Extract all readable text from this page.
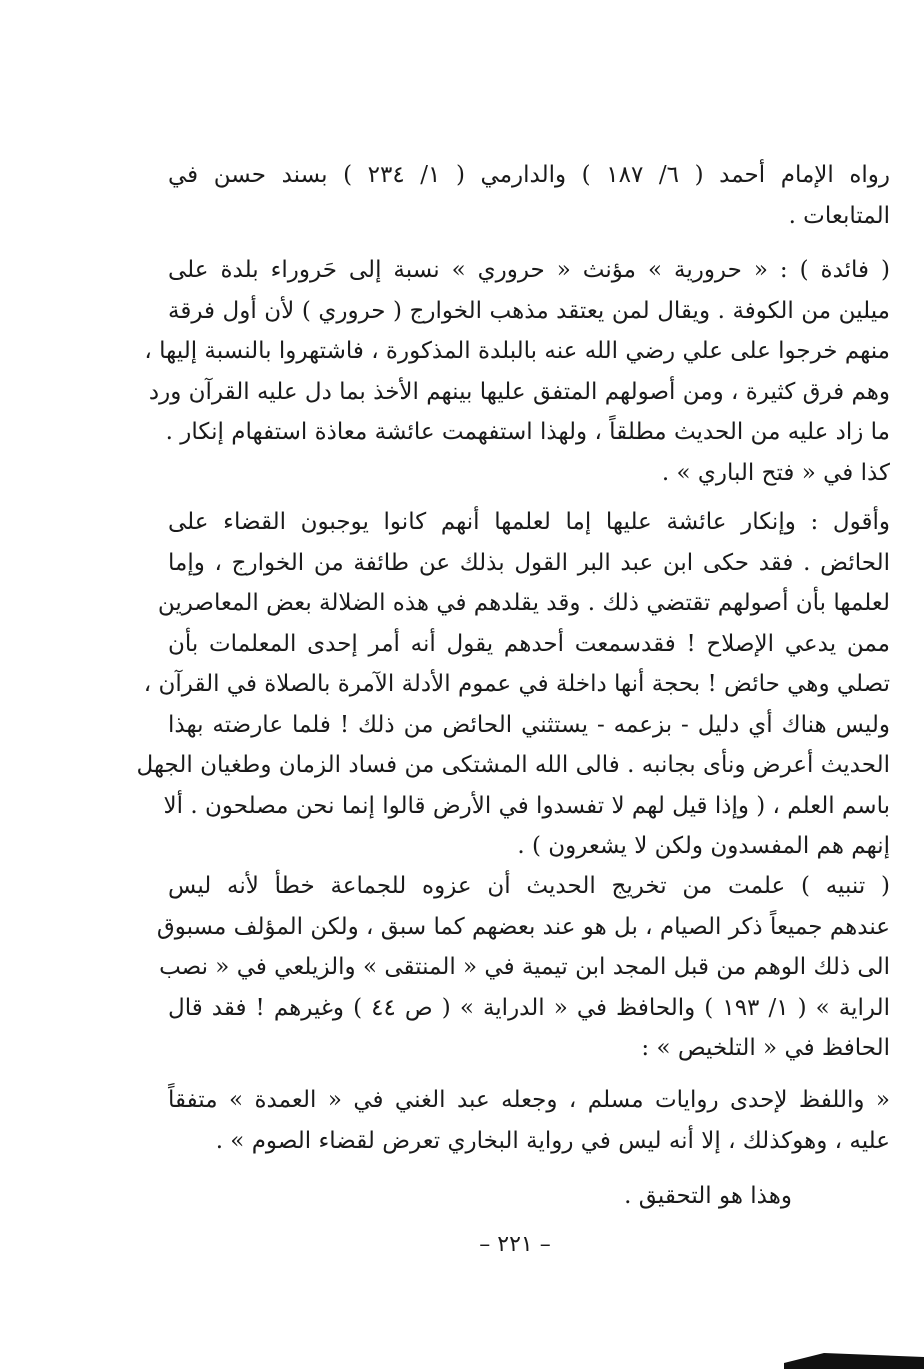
رواه الإمام أحمد ( ٦/ ١٨٧ ) والدارمي ( ١/ ٢٣٤ ) بسند حسن في
المتابعات .
( فائدة ) : « حرورية » مؤنث « حروري » نسبة إلى حَروراء بلدة على
ميلين من الكوفة . ويقال لمن يعتقد مذهب الخوارج ( حروري ) لأن أول فرقة
منهم خرجوا على علي رضي الله عنه بالبلدة المذكورة ، فاشتهروا بالنسبة إليها ،
وهم فرق كثيرة ، ومن أصولهم المتفق عليها بينهم الأخذ بما دل عليه القرآن ورد
ما زاد عليه من الحديث مطلقاً ، ولهذا استفهمت عائشة معاذة استفهام إنكار .
كذا في « فتح الباري » .
وأقول : وإنكار عائشة عليها إما لعلمها أنهم كانوا يوجبون القضاء على
الحائض . فقد حكى ابن عبد البر القول بذلك عن طائفة من الخوارج ، وإما
لعلمها بأن أصولهم تقتضي ذلك . وقد يقلدهم في هذه الضلالة بعض المعاصرين
ممن يدعي الإصلاح ! فقدسمعت أحدهم يقول أنه أمر إحدى المعلمات بأن
تصلي وهي حائض ! بحجة أنها داخلة في عموم الأدلة الآمرة بالصلاة في القرآن ،
وليس هناك أي دليل - بزعمه - يستثني الحائض من ذلك ! فلما عارضته بهذا
الحديث أعرض ونأى بجانبه . فالى الله المشتكى من فساد الزمان وطغيان الجهل
باسم العلم ، ( وإذا قيل لهم لا تفسدوا في الأرض قالوا إنما نحن مصلحون . ألا
إنهم هم المفسدون ولكن لا يشعرون ) .
( تنبيه ) علمت من تخريج الحديث أن عزوه للجماعة خطأ لأنه ليس
عندهم جميعاً ذكر الصيام ، بل هو عند بعضهم كما سبق ، ولكن المؤلف مسبوق
الى ذلك الوهم من قبل المجد ابن تيمية في « المنتقى » والزيلعي في « نصب
الراية » ( ١/ ١٩٣ ) والحافظ في « الدراية » ( ص ٤٤ ) وغيرهم ! فقد قال
الحافظ في « التلخيص » :
« واللفظ لإحدى روايات مسلم ، وجعله عبد الغني في « العمدة » متفقاً
عليه ، وهوكذلك ، إلا أنه ليس في رواية البخاري تعرض لقضاء الصوم » .
وهذا هو التحقيق .
– ٢٢١ –
